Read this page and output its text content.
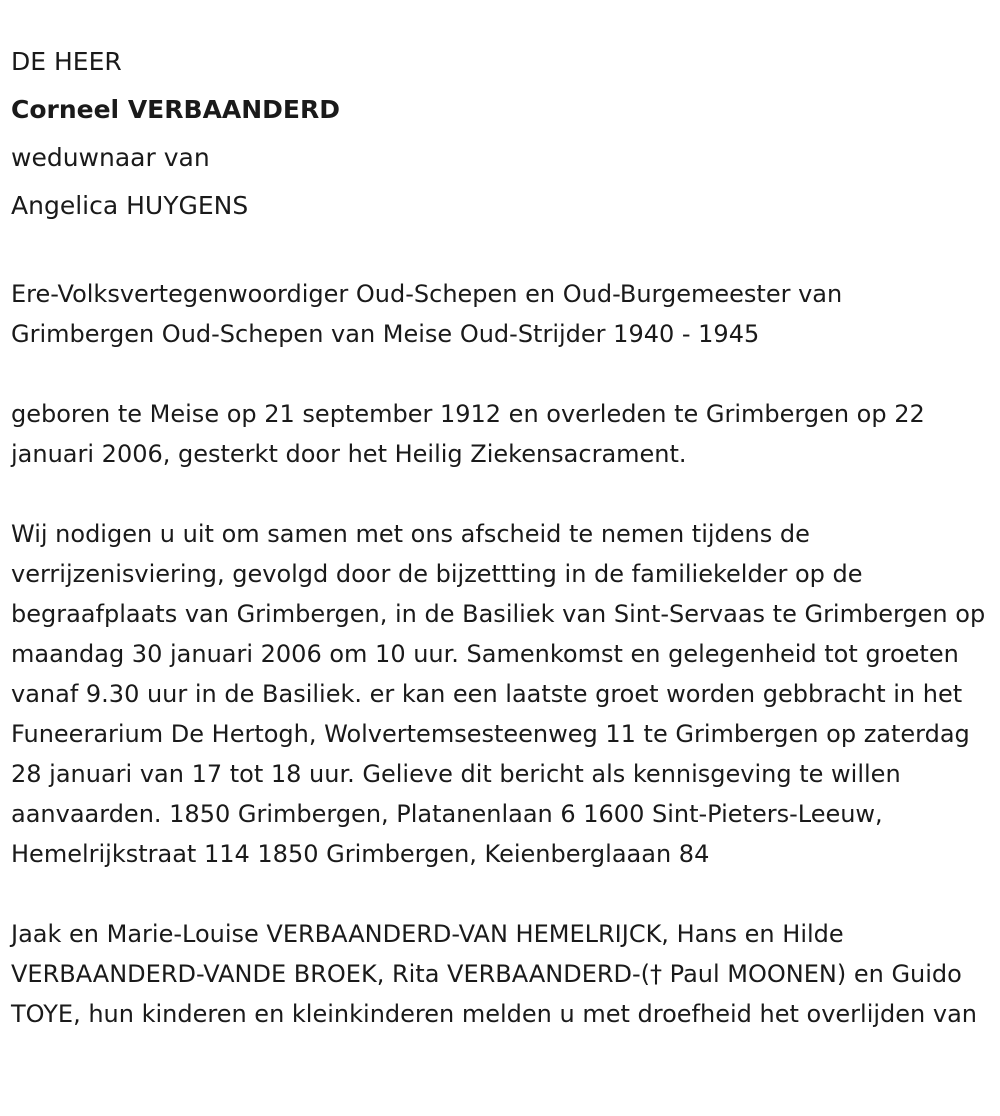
DE HEER
Corneel VERBAANDERD
weduwnaar van
Angelica HUYGENS

Ere-Volksvertegenwoordiger Oud-Schepen en Oud-Burgemeester van Grimbergen Oud-Schepen van Meise Oud-Strijder 1940 - 1945

geboren te Meise op 21 september 1912 en overleden te Grimbergen op 22 januari 2006, gesterkt door het Heilig Ziekensacrament.

Wij nodigen u uit om samen met ons afscheid te nemen tijdens de verrijzenisviering, gevolgd door de bijzettting in de familiekelder op de begraafplaats van Grimbergen, in de Basiliek van Sint-Servaas te Grimbergen op maandag 30 januari 2006 om 10 uur. Samenkomst en gelegenheid tot groeten vanaf 9.30 uur in de Basiliek. er kan een laatste groet worden gebbracht in het Funeerarium De Hertogh, Wolvertemsesteenweg 11 te Grimbergen op zaterdag 28 januari van 17 tot 18 uur. Gelieve dit bericht als kennisgeving te willen aanvaarden. 1850 Grimbergen, Platanenlaan 6 1600 Sint-Pieters-Leeuw, Hemelrijkstraat 114 1850 Grimbergen, Keienberglaaan 84

Jaak en Marie-Louise VERBAANDERD-VAN HEMELRIJCK, Hans en Hilde VERBAANDERD-VANDE BROEK, Rita VERBAANDERD-(† Paul MOONEN) en Guido TOYE, hun kinderen en kleinkinderen melden u met droefheid het overlijden van
